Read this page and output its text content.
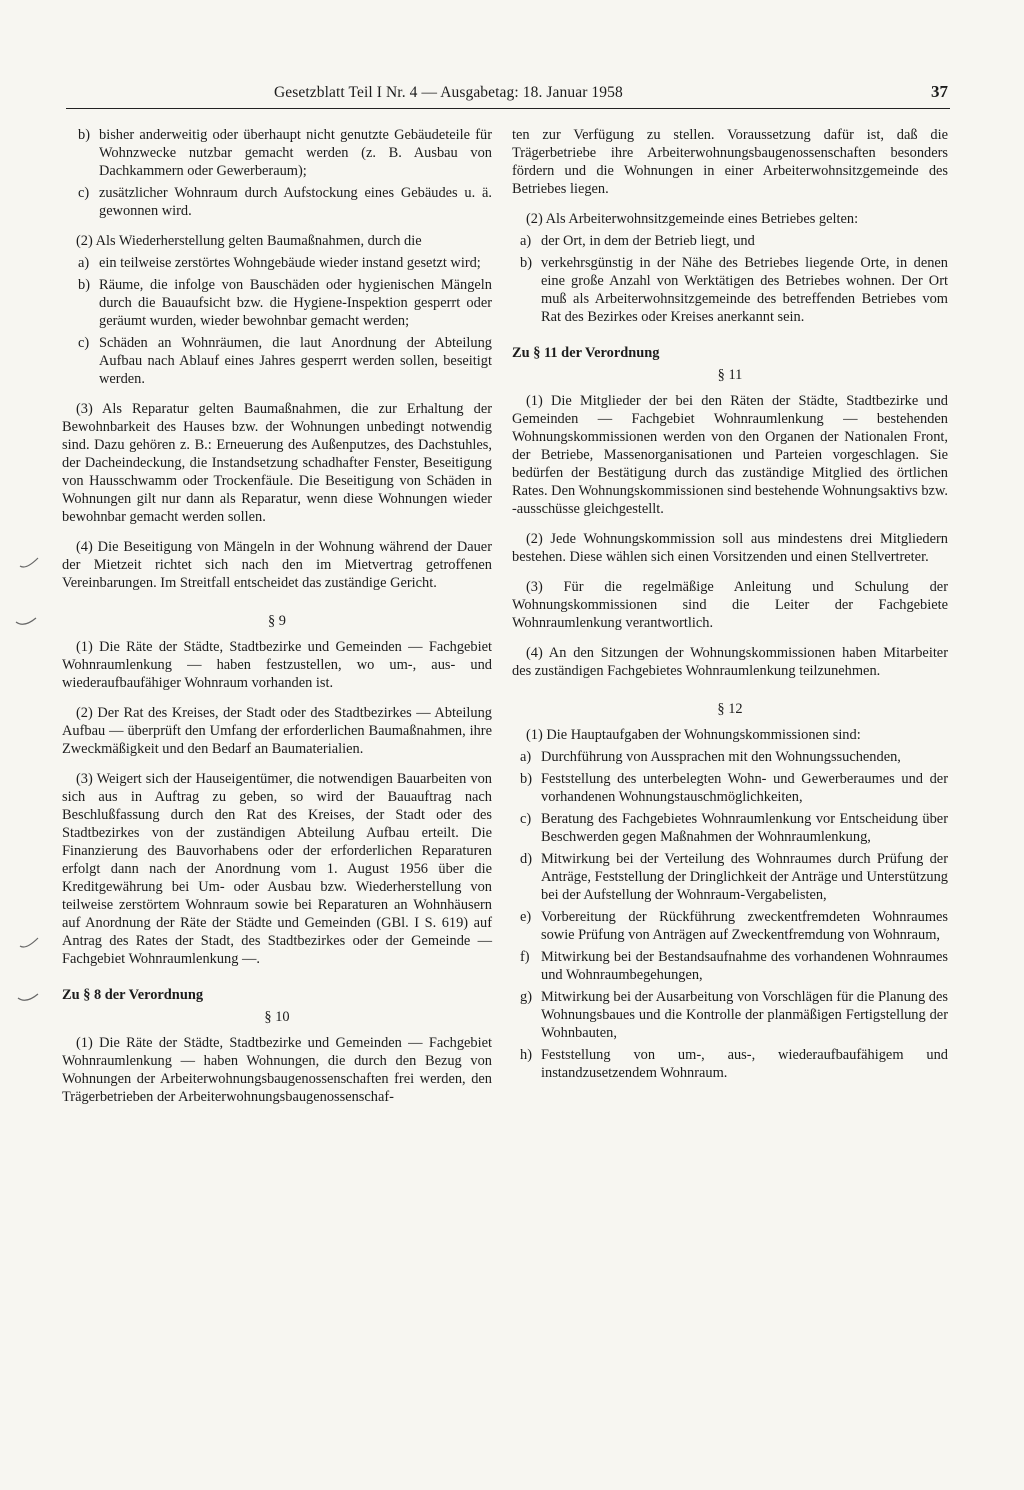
Gesetzblatt Teil I Nr. 4 — Ausgabetag: 18. Januar 1958	37
b) bisher anderweitig oder überhaupt nicht genutzte Gebäudeteile für Wohnzwecke nutzbar gemacht werden (z. B. Ausbau von Dachkammern oder Gewerberaum);
c) zusätzlicher Wohnraum durch Aufstockung eines Gebäudes u. ä. gewonnen wird.

(2) Als Wiederherstellung gelten Baumaßnahmen, durch die

a) ein teilweise zerstörtes Wohngebäude wieder instand gesetzt wird;
b) Räume, die infolge von Bauschäden oder hygienischen Mängeln durch die Bauaufsicht bzw. die Hygiene-Inspektion gesperrt oder geräumt wurden, wieder bewohnbar gemacht werden;
c) Schäden an Wohnräumen, die laut Anordnung der Abteilung Aufbau nach Ablauf eines Jahres gesperrt werden sollen, beseitigt werden.

(3) Als Reparatur gelten Baumaßnahmen, die zur Erhaltung der Bewohnbarkeit des Hauses bzw. der Wohnungen unbedingt notwendig sind. Dazu gehören z. B.: Erneuerung des Außenputzes, des Dachstuhles, der Dacheindeckung, die Instandsetzung schadhafter Fenster, Beseitigung von Hausschwamm oder Trockenfäule. Die Beseitigung von Schäden in Wohnungen gilt nur dann als Reparatur, wenn diese Wohnungen wieder bewohnbar gemacht werden sollen.

(4) Die Beseitigung von Mängeln in der Wohnung während der Dauer der Mietzeit richtet sich nach den im Mietvertrag getroffenen Vereinbarungen. Im Streitfall entscheidet das zuständige Gericht.

§ 9

(1) Die Räte der Städte, Stadtbezirke und Gemeinden — Fachgebiet Wohnraumlenkung — haben festzustellen, wo um-, aus- und wiederaufbaufähiger Wohnraum vorhanden ist.

(2) Der Rat des Kreises, der Stadt oder des Stadtbezirkes — Abteilung Aufbau — überprüft den Umfang der erforderlichen Baumaßnahmen, ihre Zweckmäßigkeit und den Bedarf an Baumaterialien.

(3) Weigert sich der Hauseigentümer, die notwendigen Bauarbeiten von sich aus in Auftrag zu geben, so wird der Bauauftrag nach Beschlußfassung durch den Rat des Kreises, der Stadt oder des Stadtbezirkes von der zuständigen Abteilung Aufbau erteilt. Die Finanzierung des Bauvorhabens oder der erforderlichen Reparaturen erfolgt dann nach der Anordnung vom 1. August 1956 über die Kreditgewährung bei Um- oder Ausbau bzw. Wiederherstellung von teilweise zerstörtem Wohnraum sowie bei Reparaturen an Wohnhäusern auf Anordnung der Räte der Städte und Gemeinden (GBl. I S. 619) auf Antrag des Rates der Stadt, des Stadtbezirkes oder der Gemeinde — Fachgebiet Wohnraumlenkung —.

Zu § 8 der Verordnung
§ 10

(1) Die Räte der Städte, Stadtbezirke und Gemeinden — Fachgebiet Wohnraumlenkung — haben Wohnungen, die durch den Bezug von Wohnungen der Arbeiterwohnungsbaugenossenschaften frei werden, den Trägerbetrieben der Arbeiterwohnungsbaugenossenschaf-

ten zur Verfügung zu stellen. Voraussetzung dafür ist, daß die Trägerbetriebe ihre Arbeiterwohnungsbaugenossenschaften besonders fördern und die Wohnungen in einer Arbeiterwohnsitzgemeinde des Betriebes liegen.

(2) Als Arbeiterwohnsitzgemeinde eines Betriebes gelten:

a) der Ort, in dem der Betrieb liegt, und
b) verkehrsgünstig in der Nähe des Betriebes liegende Orte, in denen eine große Anzahl von Werktätigen des Betriebes wohnen. Der Ort muß als Arbeiterwohnsitzgemeinde des betreffenden Betriebes vom Rat des Bezirkes oder Kreises anerkannt sein.
Zu § 11 der Verordnung
§ 11

(1) Die Mitglieder der bei den Räten der Städte, Stadtbezirke und Gemeinden — Fachgebiet Wohnraumlenkung — bestehenden Wohnungskommissionen werden von den Organen der Nationalen Front, der Betriebe, Massenorganisationen und Parteien vorgeschlagen. Sie bedürfen der Bestätigung durch das zuständige Mitglied des örtlichen Rates. Den Wohnungskommissionen sind bestehende Wohnungsaktivs bzw. -ausschüsse gleichgestellt.

(2) Jede Wohnungskommission soll aus mindestens drei Mitgliedern bestehen. Diese wählen sich einen Vorsitzenden und einen Stellvertreter.

(3) Für die regelmäßige Anleitung und Schulung der Wohnungskommissionen sind die Leiter der Fachgebiete Wohnraumlenkung verantwortlich.

(4) An den Sitzungen der Wohnungskommissionen haben Mitarbeiter des zuständigen Fachgebietes Wohnraumlenkung teilzunehmen.

§ 12

(1) Die Hauptaufgaben der Wohnungskommissionen sind:

a) Durchführung von Aussprachen mit den Wohnungssuchenden,
b) Feststellung des unterbelegten Wohn- und Gewerberaumes und der vorhandenen Wohnungstauschmöglichkeiten,
c) Beratung des Fachgebietes Wohnraumlenkung vor Entscheidung über Beschwerden gegen Maßnahmen der Wohnraumlenkung,
d) Mitwirkung bei der Verteilung des Wohnraumes durch Prüfung der Anträge, Feststellung der Dringlichkeit der Anträge und Unterstützung bei der Aufstellung der Wohnraum-Vergabelisten,
e) Vorbereitung der Rückführung zweckentfremdeten Wohnraumes sowie Prüfung von Anträgen auf Zweckentfremdung von Wohnraum,
f) Mitwirkung bei der Bestandsaufnahme des vorhandenen Wohnraumes und Wohnraumbegehungen,
g) Mitwirkung bei der Ausarbeitung von Vorschlägen für die Planung des Wohnungsbaues und die Kontrolle der planmäßigen Fertigstellung der Wohnbauten,
h) Feststellung von um-, aus-, wiederaufbaufähigem und instandzusetzendem Wohnraum.
